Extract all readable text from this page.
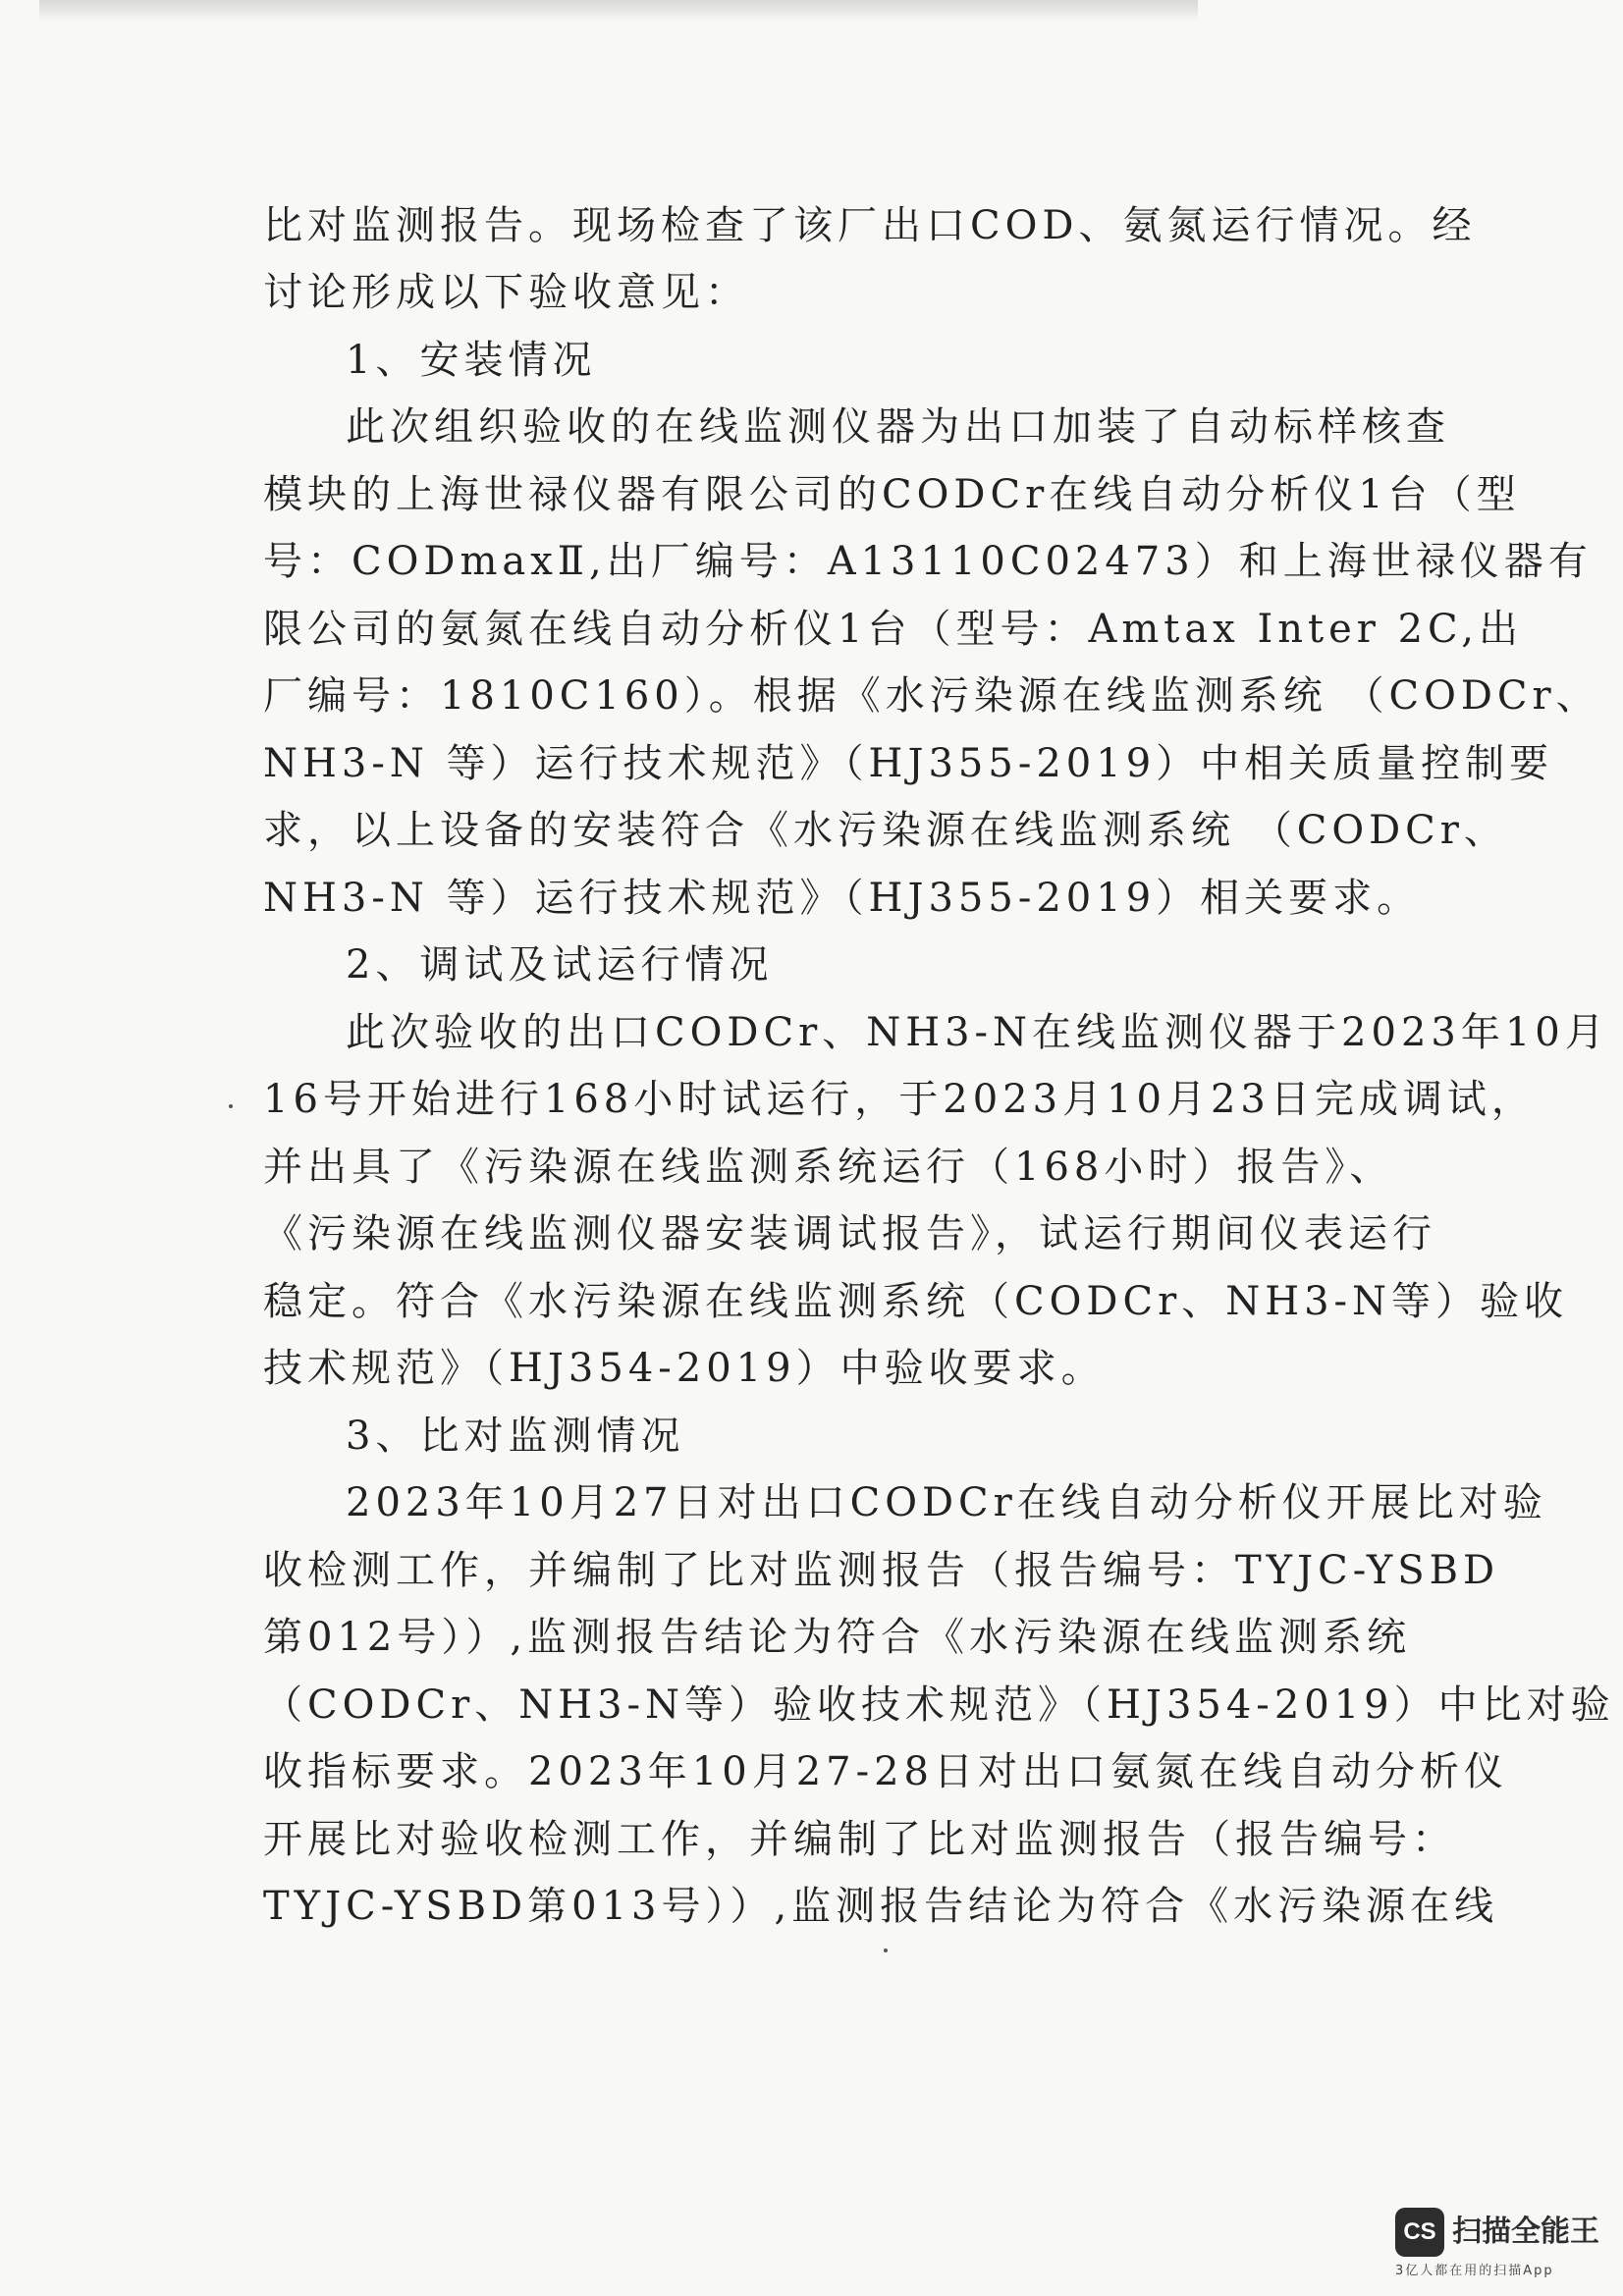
比对监测报告。现场检查了该厂出口COD、氨氮运行情况。经
讨论形成以下验收意见：
1、安装情况
此次组织验收的在线监测仪器为出口加装了自动标样核查
模块的上海世禄仪器有限公司的CODCr在线自动分析仪1台（型
号：CODmaxⅡ,出厂编号：A13110C02473）和上海世禄仪器有
限公司的氨氮在线自动分析仪1台（型号：Amtax Inter 2C,出
厂编号：1810C160）。根据《水污染源在线监测系统 （CODCr、
NH3-N 等）运行技术规范》（HJ355-2019）中相关质量控制要
求，以上设备的安装符合《水污染源在线监测系统 （CODCr、
NH3-N 等）运行技术规范》（HJ355-2019）相关要求。
2、调试及试运行情况
此次验收的出口CODCr、NH3-N在线监测仪器于2023年10月
16号开始进行168小时试运行，于2023月10月23日完成调试，
并出具了《污染源在线监测系统运行（168小时）报告》、
《污染源在线监测仪器安装调试报告》，试运行期间仪表运行
稳定。符合《水污染源在线监测系统（CODCr、NH3-N等）验收
技术规范》（HJ354-2019）中验收要求。
3、比对监测情况
2023年10月27日对出口CODCr在线自动分析仪开展比对验
收检测工作，并编制了比对监测报告（报告编号：TYJC-YSBD
第012号））,监测报告结论为符合《水污染源在线监测系统
（CODCr、NH3-N等）验收技术规范》（HJ354-2019）中比对验
收指标要求。2023年10月27-28日对出口氨氮在线自动分析仪
开展比对验收检测工作，并编制了比对监测报告（报告编号：
TYJC-YSBD第013号））,监测报告结论为符合《水污染源在线
CS 扫描全能王
3亿人都在用的扫描App
